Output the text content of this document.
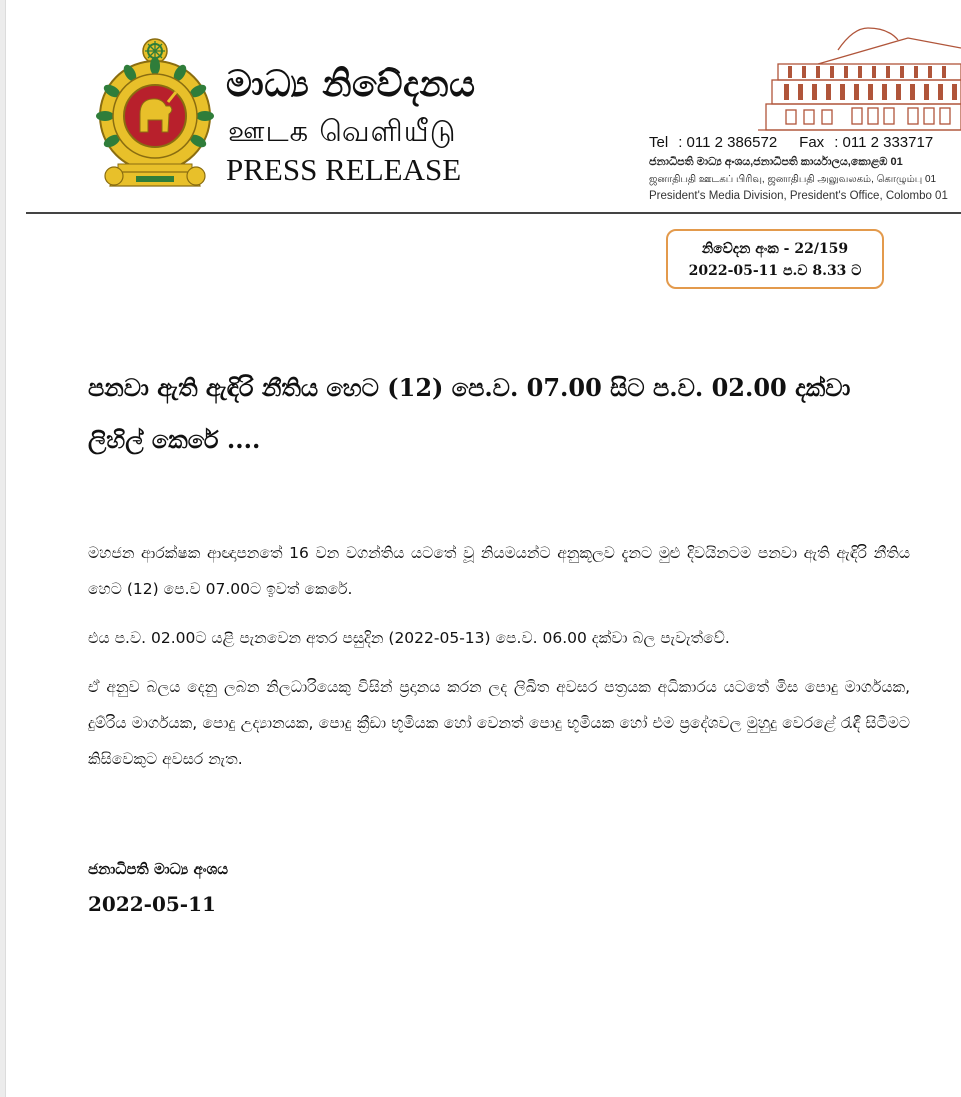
මාධ්‍ය නිවේදනය
ஊடக வெளியீடு
PRESS RELEASE
Tel : 011 2 386572 Fax : 011 2 333717
ජනාධිපති මාධ්‍ය අංශය,ජනාධිපති කාර්යාලය,කොළඹ 01
ஜனாதிபதி ஊடகப் பிரிவு, ஜனாதிபதி அலுவலகம், கொழும்பு 01
President's Media Division, President's Office, Colombo 01
නිවේදන අංක - 22/159
2022-05-11 ප.ව 8.33 ට
පනවා ඇති ඇඳිරි නීතිය හෙට (12) පෙ.ව. 07.00 සිට ප.ව. 02.00 දක්වා ලිහිල් කෙරේ ....

මහජන ආරක්ෂක ආඥාපනතේ 16 වන වගන්තිය යටතේ වූ නියමයන්ට අනුකූලව දැනට මුළු දිවයිනටම පනවා ඇති ඇඳිරි නීතිය හෙට (12) පෙ.ව 07.00ට ඉවත් කෙරේ.

එය ප.ව. 02.00ට යළි පැනවෙන අතර පසුදින (2022-05-13) පෙ.ව. 06.00 දක්වා බල පැවැත්වේ.

ඒ අනුව බලය දෙනු ලබන නිලධාරියෙකු විසින් ප්‍රදානය කරන ලද ලිඛිත අවසර පත්‍රයක අධිකාරය යටතේ මිස පොදු මාර්ගයක, දුම්රිය මාර්ගයක, පොදු උද්‍යානයක, පොදු ක්‍රීඩා භූමියක හෝ වෙනත් පොදු භූමියක හෝ එම ප්‍රදේශවල මුහුදු වෙරළේ රැඳී සිටීමට කිසිවෙකුට අවසර නැත.

ජනාධිපති මාධ්‍ය අංශය
2022-05-11
